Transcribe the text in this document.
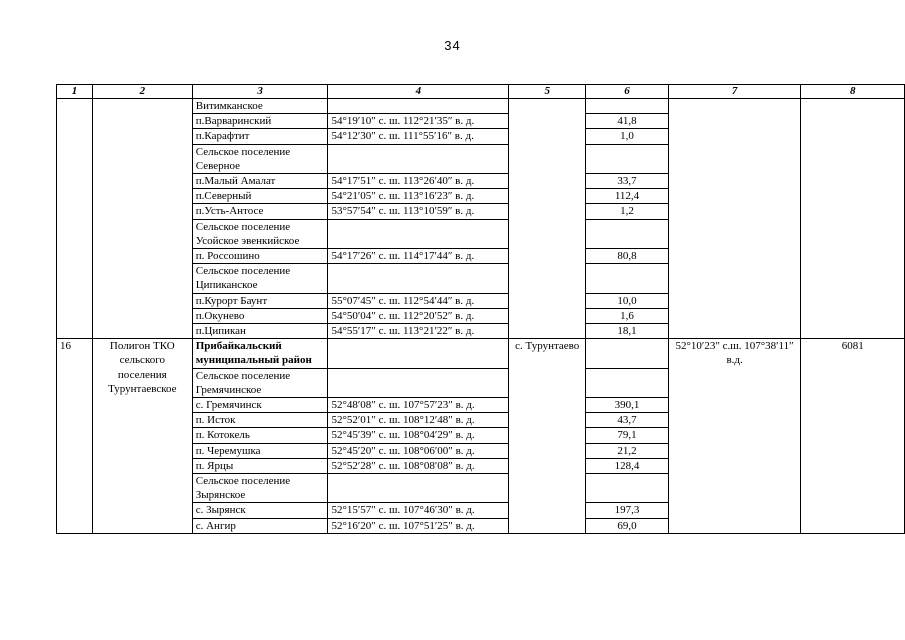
34
1	2	3	4	5	6	7	8
		Витимканское					
		п.Варваринский	54°19′10″ с. ш. 112°21′35″ в. д.		41,8		
		п.Карафтит	54°12′30″ с. ш. 111°55′16″ в. д.		1,0		
		Сельское поселение Северное					
		п.Малый Амалат	54°17′51″ с. ш. 113°26′40″ в. д.		33,7		
		п.Северный	54°21′05″ с. ш. 113°16′23″ в. д.		112,4		
		п.Усть-Антосе	53°57′54″ с. ш. 113°10′59″ в. д.		1,2		
		Сельское поселение Усойское эвенкийское					
		п. Россошино	54°17′26″ с. ш. 114°17′44″ в. д.		80,8		
		Сельское поселение Ципиканское					
		п.Курорт Баунт	55°07′45″ с. ш. 112°54′44″ в. д.		10,0		
		п.Окунево	54°50′04″ с. ш. 112°20′52″ в. д.		1,6		
		п.Ципикан	54°55′17″ с. ш. 113°21′22″ в. д.		18,1		
16	Полигон ТКО сельского поселения Турунтаевское	Прибайкальский муниципальный район		с. Турунтаево		52°10′23″ с.ш. 107°38′11″ в.д.	6081
		Сельское поселение Гремячинское					
		с. Гремячинск	52°48′08″ с. ш. 107°57′23″ в. д.		390,1		
		п. Исток	52°52′01″ с. ш. 108°12′48″ в. д.		43,7		
		п. Котокель	52°45′39″ с. ш. 108°04′29″ в. д.		79,1		
		п. Черемушка	52°45′20″ с. ш. 108°06′00″ в. д.		21,2		
		п. Ярцы	52°52′28″ с. ш. 108°08′08″ в. д.		128,4		
		Сельское поселение Зырянское					
		с. Зырянск	52°15′57″ с. ш. 107°46′30″ в. д.		197,3		
		с. Ангир	52°16′20″ с. ш. 107°51′25″ в. д.		69,0		
